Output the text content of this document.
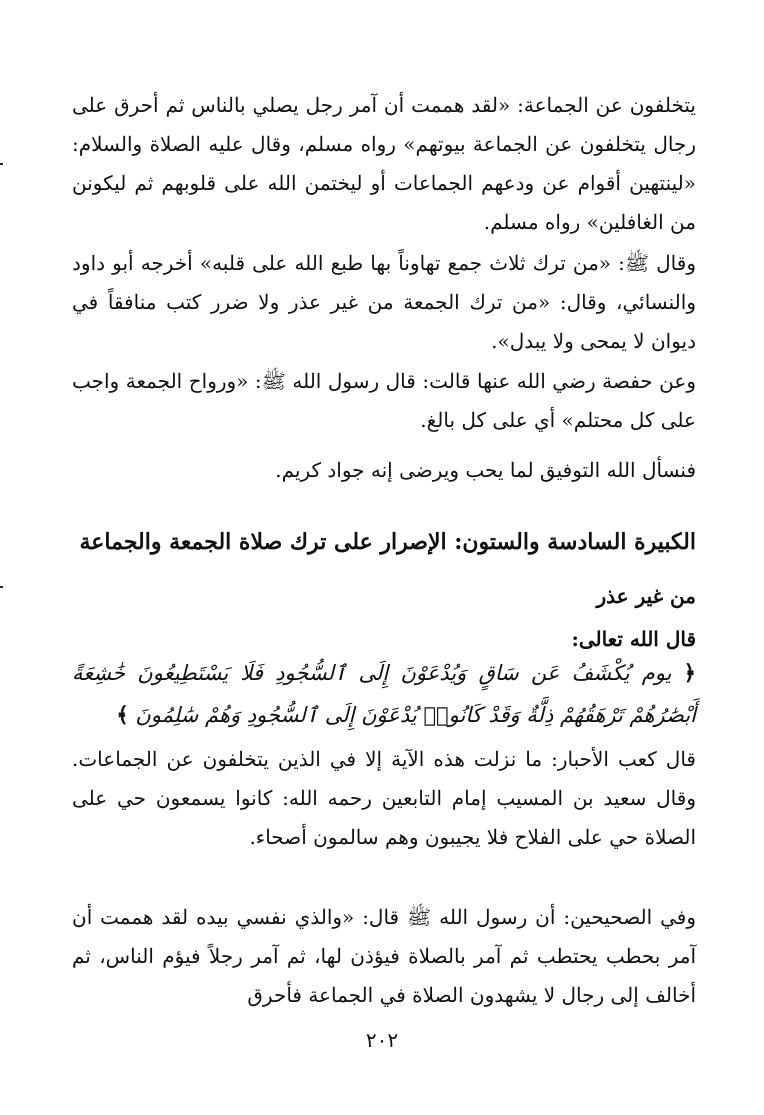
يتخلفون عن الجماعة: «لقد هممت أن آمر رجل يصلي بالناس ثم أحرق على رجال يتخلفون عن الجماعة بيوتهم» رواه مسلم، وقال عليه الصلاة والسلام: «لينتهين أقوام عن ودعهم الجماعات أو ليختمن الله على قلوبهم ثم ليكونن من الغافلين» رواه مسلم.

وقال ﷺ: «من ترك ثلاث جمع تهاوناً بها طبع الله على قلبه» أخرجه أبو داود والنسائي، وقال: «من ترك الجمعة من غير عذر ولا ضرر كتب منافقاً في ديوان لا يمحى ولا يبدل».

وعن حفصة رضي الله عنها قالت: قال رسول الله ﷺ: «ورواح الجمعة واجب على كل محتلم» أي على كل بالغ.

فنسأل الله التوفيق لما يحب ويرضى إنه جواد كريم.

الكبيرة السادسة والستون: الإصرار على ترك صلاة الجمعة والجماعة
من غير عذر

قال الله تعالى:

﴿ يوم يُكْشَفُ عَن سَاقٍ وَيُدْعَوْنَ إِلَى ٱلسُّجُودِ فَلَا يَسْتَطِيعُونَ خَٰشِعَةً أَبْصَٰرُهُمْ تَرْهَقُهُمْ ذِلَّةٌ وَقَدْ كَانُوا۟ يُدْعَوْنَ إِلَى ٱلسُّجُودِ وَهُمْ سَٰلِمُونَ ﴾

قال كعب الأحبار: ما نزلت هذه الآية إلا في الذين يتخلفون عن الجماعات. وقال سعيد بن المسيب إمام التابعين رحمه الله: كانوا يسمعون حي على الصلاة حي على الفلاح فلا يجيبون وهم سالمون أصحاء.

وفي الصحيحين: أن رسول الله ﷺ قال: «والذي نفسي بيده لقد هممت أن آمر بحطب يحتطب ثم آمر بالصلاة فيؤذن لها، ثم آمر رجلاً فيؤم الناس، ثم أخالف إلى رجال لا يشهدون الصلاة في الجماعة فأحرق

٢٠٢
